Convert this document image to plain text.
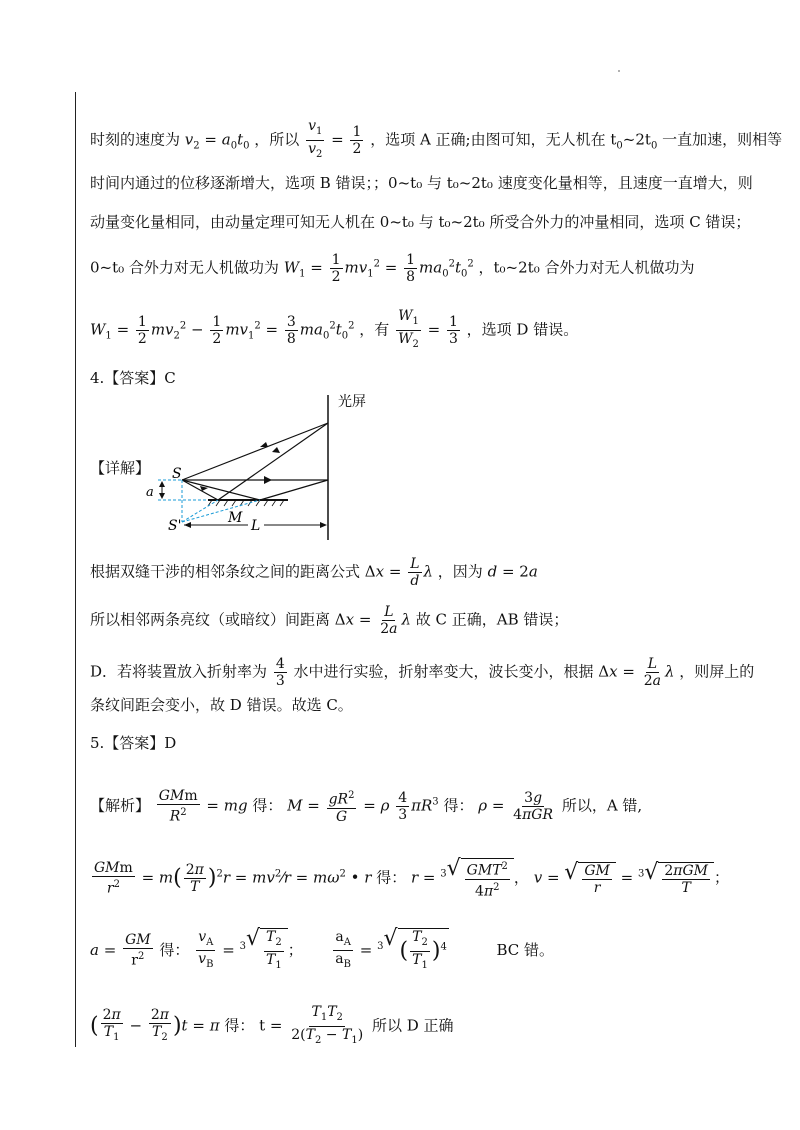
时刻的速度为 $v_2 = a_0t_0$ ，所以 $\frac{v_1}{v_2} = \frac{1}{2}$ ，选项 A 正确;由图可知，无人机在 $t_0\sim 2t_0$ 一直加速，则相等
时间内通过的位移逐渐增大，选项 B 错误；；0~t₀ 与 t₀~2t₀ 速度变化量相等，且速度一直增大，则
动量变化量相同，由动量定理可知无人机在 0~t₀ 与 t₀~2t₀ 所受合外力的冲量相同，选项 C 错误；
0~t₀ 合外力对无人机做功为 $W_1 = \frac{1}{2} mv_1^2 = \frac{1}{8} ma_0^2t_0^2$ ，t₀~2t₀ 合外力对无人机做功为
$W_1 = \frac{1}{2} mv_2^2 - \frac{1}{2} mv_1^2 = \frac{3}{8} ma_0^2t_0^2$ ，有 $\frac{W_1}{W_2} = \frac{1}{3}$ ，选项 D 错误。
4.【答案】C
【详解】
光屏
S
M
a
S'	L
根据双缝干涉的相邻条纹之间的距离公式 $\Delta x = \frac{L}{d}$ λ ，因为 d = 2a
所以相邻两条亮纹（或暗纹）间距离 $\Delta x = \frac{L}{2a}$ λ 故 C 正确，AB 错误；
D．若将装置放入折射率为 $\frac{4}{3}$ 水中进行实验，折射率变大，波长变小，根据 $\Delta x = \frac{L}{2a}$ λ ，则屏上的
条纹间距会变小，故 D 错误。故选 C。
5.【答案】D
【解析】 $\frac{\text{GMm}}{R^2}$ = mg 得： $M = \frac{gR^2}{G} = \rho \frac{4}{3} \pi R^3$ 得： $\rho = \frac{3g}{\text{4πGR}}$ 所以，A 错,
$\frac{\text{GMm}}{r^2} = m( \frac{2\pi}{T} )^2r$ = $mv^2⁄r = m\omega^2$ • r 得： r = $^3$ √ $\frac{GMT^2}{4\pi^2}$ ， v = √ $\frac{GM}{r} = ^3$ √ $\frac{\text{2πGM}}{T}$ ；
$a = \frac{GM}{r^2}$ 得： $\frac{v_A}{v_B} = ^3$ √ $\frac{T_2}{T_1}$ ； $\frac{a_A}{a_B} = ^3$ √ ( $\frac{T_2}{T_1} )^4$	BC 错。
( $\frac{2\pi}{T_1} - \frac{2\pi}{T_2} )t = \pi$ 得： $t = \frac{T_1T_2}{2(T_2 - T_1)}$ 所以 D 正确
